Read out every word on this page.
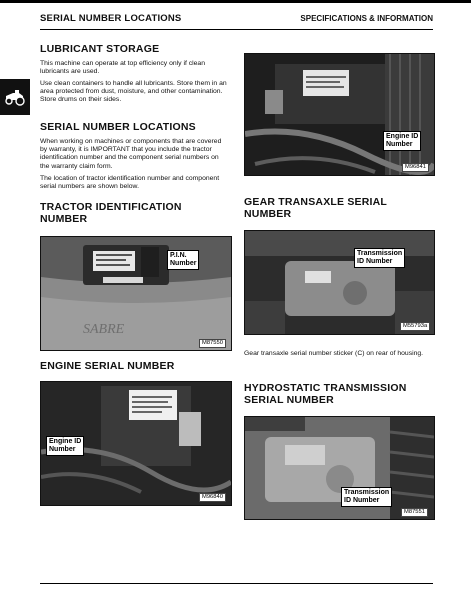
SERIAL NUMBER LOCATIONS	SPECIFICATIONS & INFORMATION
LUBRICANT STORAGE

This machine can operate at top efficiency only if clean lubricants are used.

Use clean containers to handle all lubricants. Store them in an area protected from dust, moisture, and other contamination. Store drums on their sides.

SERIAL NUMBER LOCATIONS

When working on machines or components that are covered by warranty, it is IMPORTANT that you include the tractor identification number and the component serial numbers on the warranty claim form.

The location of tractor identification number and component serial numbers are shown below.

TRACTOR IDENTIFICATION
NUMBER
SABRE
P.I.N.
Number
M87550
ENGINE SERIAL NUMBER
Engine ID
Number
M96840
Engine ID
Number
M96841
GEAR TRANSAXLE SERIAL
NUMBER
Transmission
ID Number
M55793a

Gear transaxle serial number sticker (C) on rear of housing.

HYDROSTATIC TRANSMISSION
SERIAL NUMBER
Transmission
ID Number
M87551
